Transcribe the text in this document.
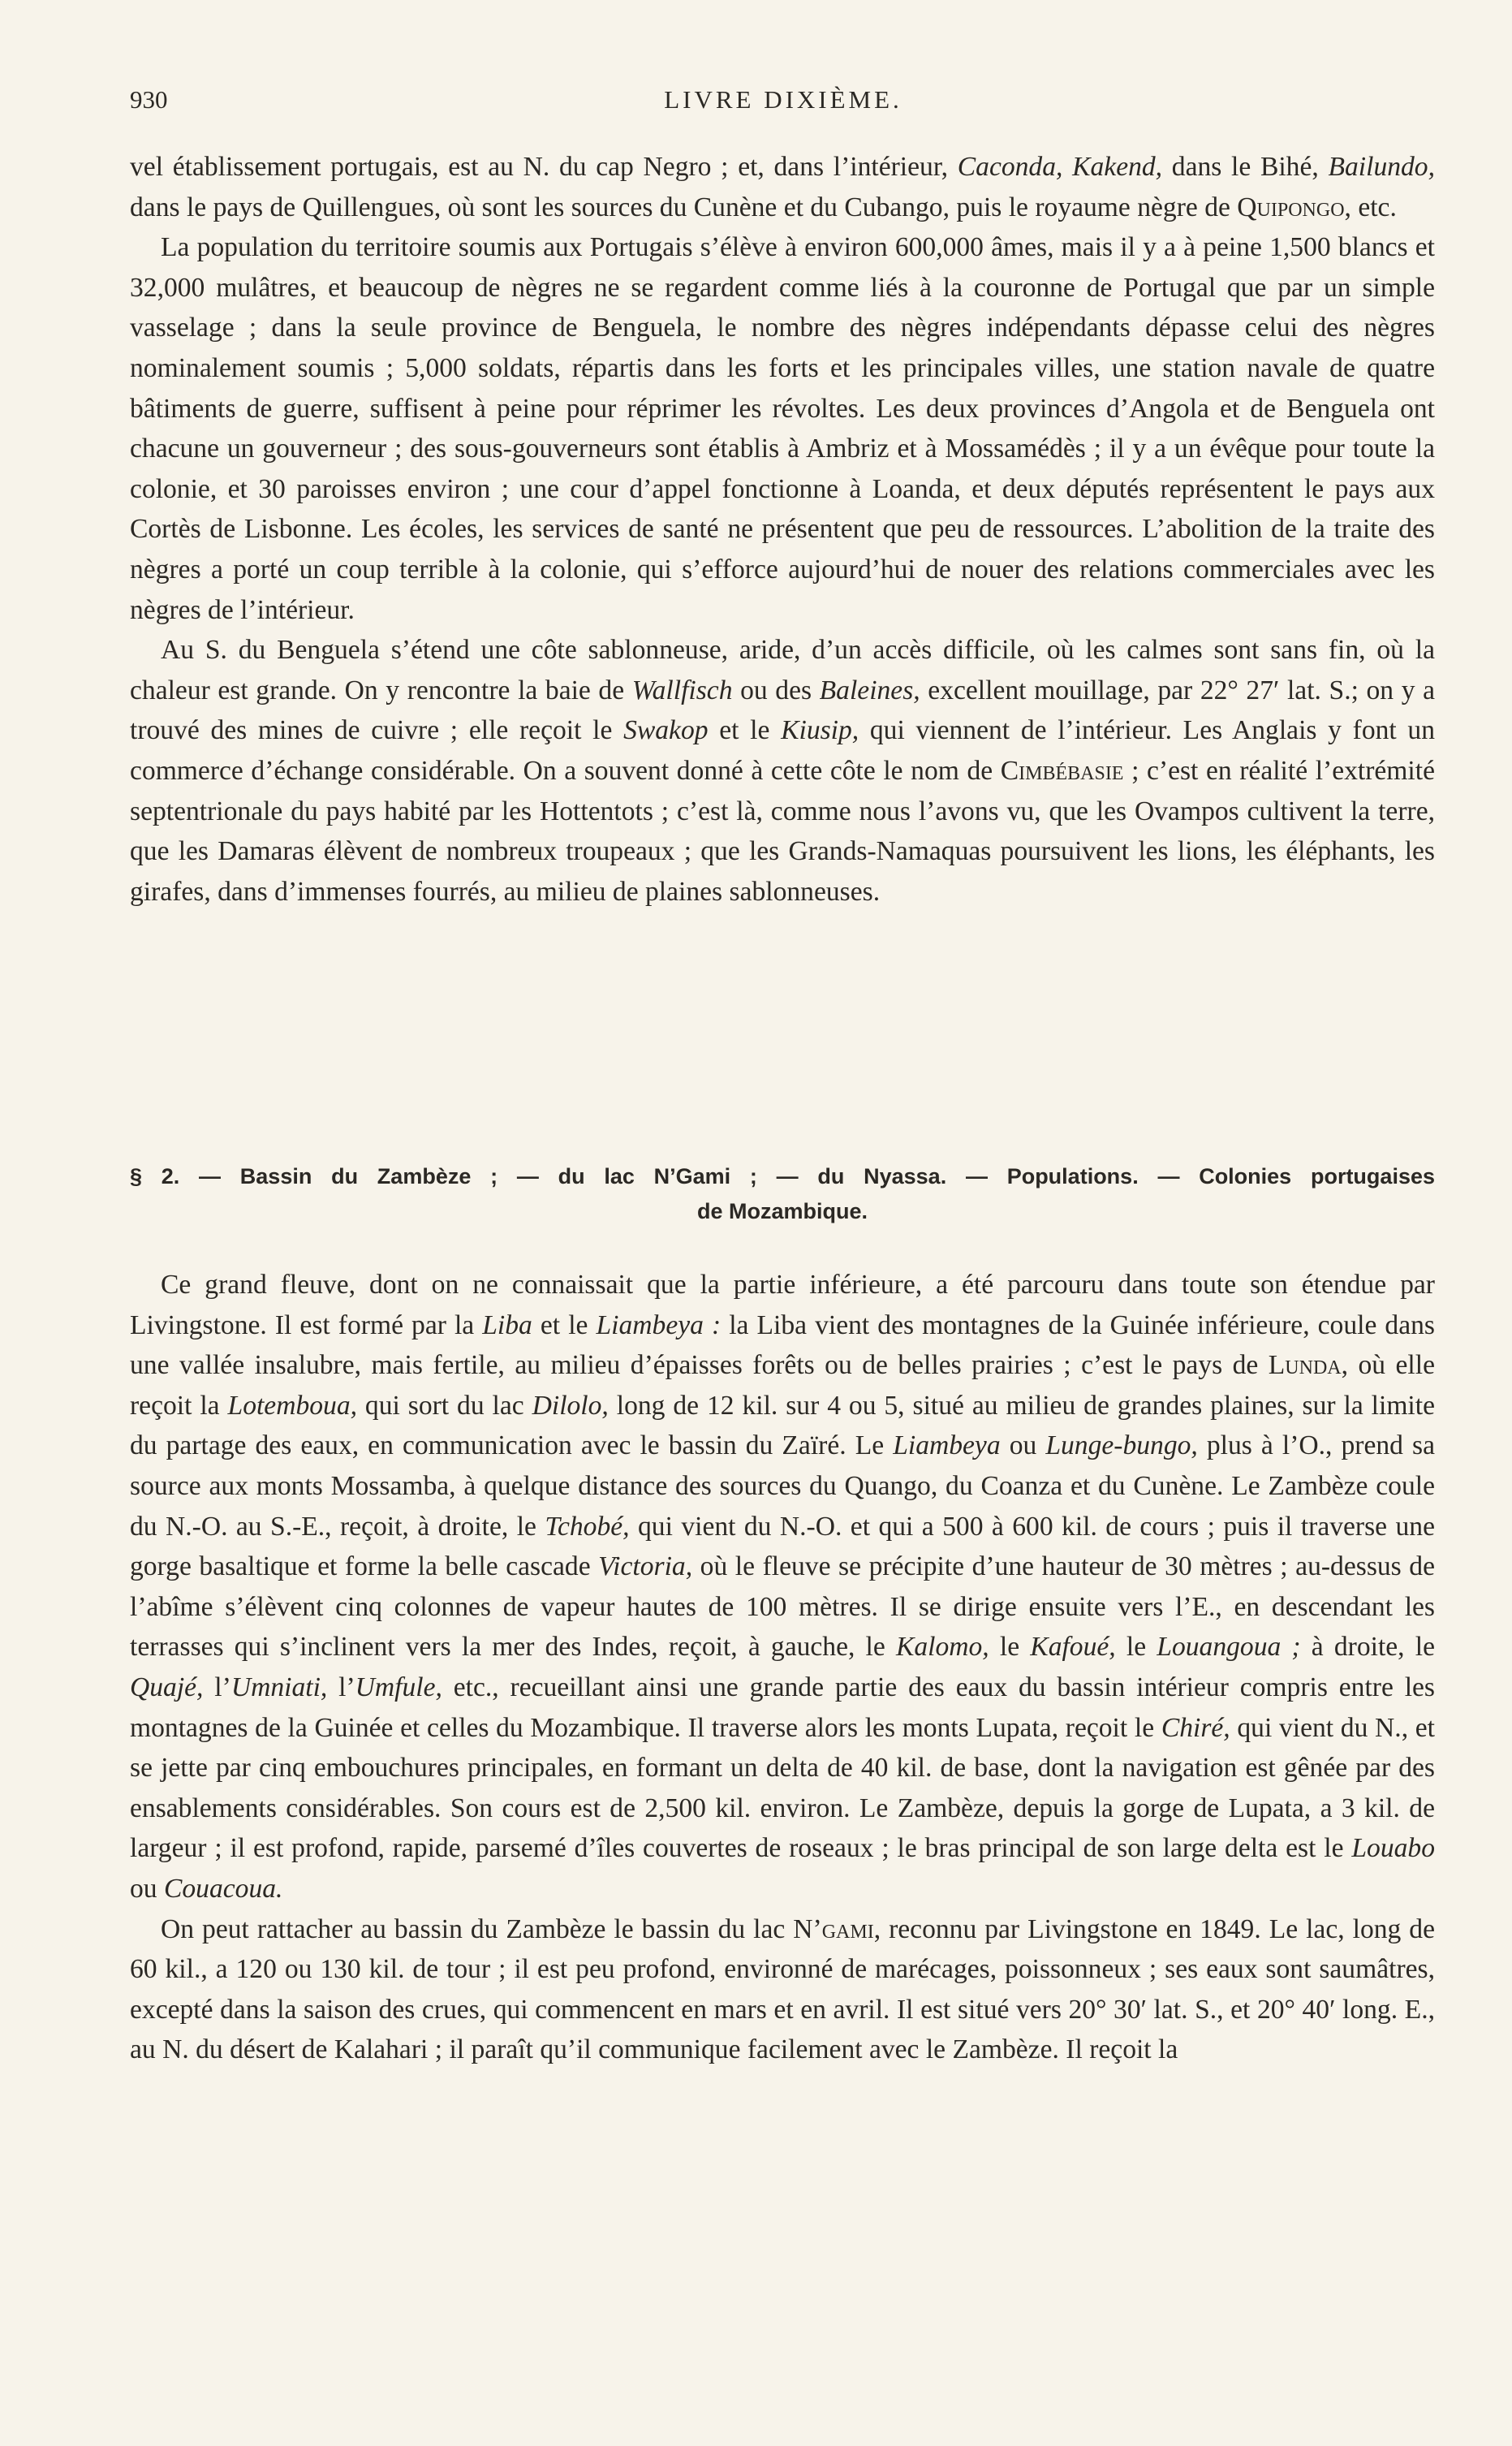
930	LIVRE DIXIÈME.

vel établissement portugais, est au N. du cap Negro ; et, dans l’intérieur, Caconda, Kakend, dans le Bihé, Bailundo, dans le pays de Quillengues, où sont les sources du Cunène et du Cubango, puis le royaume nègre de Quipongo, etc.

La population du territoire soumis aux Portugais s’élève à environ 600,000 âmes, mais il y a à peine 1,500 blancs et 32,000 mulâtres, et beaucoup de nègres ne se regardent comme liés à la couronne de Portugal que par un simple vasselage ; dans la seule province de Benguela, le nombre des nègres indépendants dépasse celui des nègres nominalement soumis ; 5,000 soldats, répartis dans les forts et les principales villes, une station navale de quatre bâtiments de guerre, suffisent à peine pour réprimer les révoltes. Les deux provinces d’Angola et de Benguela ont chacune un gouverneur ; des sous-gouverneurs sont établis à Ambriz et à Mossamédès ; il y a un évêque pour toute la colonie, et 30 paroisses environ ; une cour d’appel fonctionne à Loanda, et deux députés représentent le pays aux Cortès de Lisbonne. Les écoles, les services de santé ne présentent que peu de ressources. L’abolition de la traite des nègres a porté un coup terrible à la colonie, qui s’efforce aujourd’hui de nouer des relations commerciales avec les nègres de l’intérieur.

Au S. du Benguela s’étend une côte sablonneuse, aride, d’un accès difficile, où les calmes sont sans fin, où la chaleur est grande. On y rencontre la baie de Wallfisch ou des Baleines, excellent mouillage, par 22° 27′ lat. S.; on y a trouvé des mines de cuivre ; elle reçoit le Swakop et le Kiusip, qui viennent de l’intérieur. Les Anglais y font un commerce d’échange considérable. On a souvent donné à cette côte le nom de Cimbébasie ; c’est en réalité l’extrémité septentrionale du pays habité par les Hottentots ; c’est là, comme nous l’avons vu, que les Ovampos cultivent la terre, que les Damaras élèvent de nombreux troupeaux ; que les Grands-Namaquas poursuivent les lions, les éléphants, les girafes, dans d’immenses fourrés, au milieu de plaines sablonneuses.

§ 2. — Bassin du Zambèze ; — du lac N’Gami ; — du Nyassa. — Populations. — Colonies portugaises
de Mozambique.

Ce grand fleuve, dont on ne connaissait que la partie inférieure, a été parcouru dans toute son étendue par Livingstone. Il est formé par la Liba et le Liambeya : la Liba vient des montagnes de la Guinée inférieure, coule dans une vallée insalubre, mais fertile, au milieu d’épaisses forêts ou de belles prairies ; c’est le pays de Lunda, où elle reçoit la Lotemboua, qui sort du lac Dilolo, long de 12 kil. sur 4 ou 5, situé au milieu de grandes plaines, sur la limite du partage des eaux, en communication avec le bassin du Zaïré. Le Liambeya ou Lunge-bungo, plus à l’O., prend sa source aux monts Mossamba, à quelque distance des sources du Quango, du Coanza et du Cunène. Le Zambèze coule du N.-O. au S.-E., reçoit, à droite, le Tchobé, qui vient du N.-O. et qui a 500 à 600 kil. de cours ; puis il traverse une gorge basaltique et forme la belle cascade Victoria, où le fleuve se précipite d’une hauteur de 30 mètres ; au-dessus de l’abîme s’élèvent cinq colonnes de vapeur hautes de 100 mètres. Il se dirige ensuite vers l’E., en descendant les terrasses qui s’inclinent vers la mer des Indes, reçoit, à gauche, le Kalomo, le Kafoué, le Louangoua ; à droite, le Quajé, l’Umniati, l’Umfule, etc., recueillant ainsi une grande partie des eaux du bassin intérieur compris entre les montagnes de la Guinée et celles du Mozambique. Il traverse alors les monts Lupata, reçoit le Chiré, qui vient du N., et se jette par cinq embouchures principales, en formant un delta de 40 kil. de base, dont la navigation est gênée par des ensablements considérables. Son cours est de 2,500 kil. environ. Le Zambèze, depuis la gorge de Lupata, a 3 kil. de largeur ; il est profond, rapide, parsemé d’îles couvertes de roseaux ; le bras principal de son large delta est le Louabo ou Couacoua.

On peut rattacher au bassin du Zambèze le bassin du lac N’gami, reconnu par Livingstone en 1849. Le lac, long de 60 kil., a 120 ou 130 kil. de tour ; il est peu profond, environné de marécages, poissonneux ; ses eaux sont saumâtres, excepté dans la saison des crues, qui commencent en mars et en avril. Il est situé vers 20° 30′ lat. S., et 20° 40′ long. E., au N. du désert de Kalahari ; il paraît qu’il communique facilement avec le Zambèze. Il reçoit la
